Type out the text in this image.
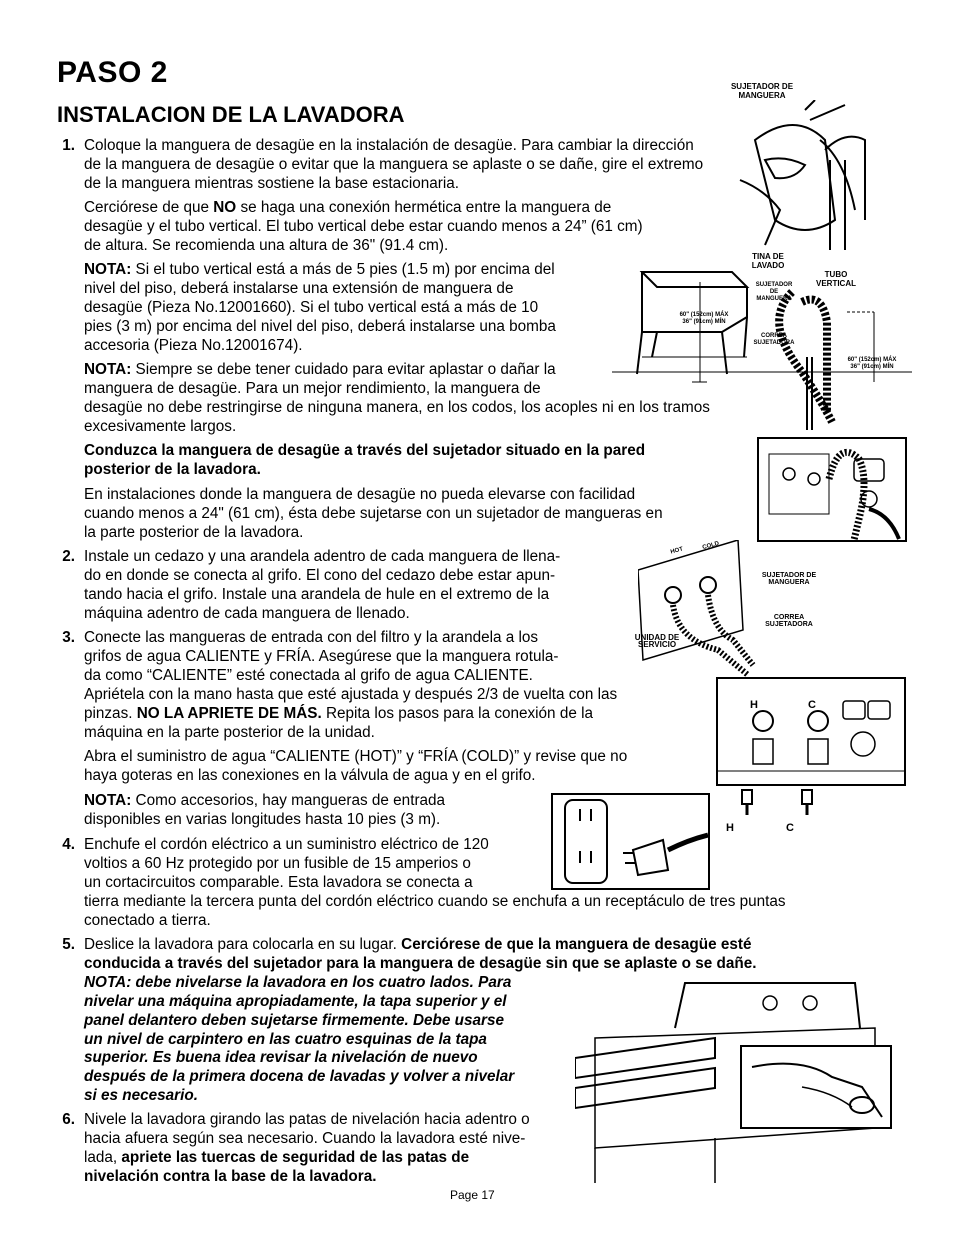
PASO 2
INSTALACION DE LA LAVADORA
1. Coloque la manguera de desagüe en la instalación de desagüe. Para cambiar la dirección
de la manguera de desagüe o evitar que la manguera se aplaste o se dañe, gire el extremo
de la manguera mientras sostiene la base estacionaria.
Cerciórese de que NO se haga una conexión hermética entre la manguera de
desagüe y el tubo vertical. El tubo vertical debe estar cuando menos a 24” (61 cm)
de altura. Se recomienda una altura de 36" (91.4 cm).
NOTA: Si el tubo vertical está a más de 5 pies (1.5 m) por encima del
nivel del piso, deberá instalarse una extensión de manguera de
desagüe (Pieza No.12001660). Si el tubo vertical está a más de 10
pies (3 m) por encima del nivel del piso, deberá instalarse una bomba
accesoria (Pieza No.12001674).
NOTA: Siempre se debe tener cuidado para evitar aplastar o dañar la
manguera de desagüe. Para un mejor rendimiento, la manguera de
desagüe no debe restringirse de ninguna manera, en los codos, los acoples ni en los tramos
excesivamente largos.
Conduzca la manguera de desagüe a través del sujetador situado en la pared
posterior de la lavadora.
En instalaciones donde la manguera de desagüe no pueda elevarse con facilidad
cuando menos a 24" (61 cm), ésta debe sujetarse con un sujetador de mangueras en
la parte posterior de la lavadora.
2. Instale un cedazo y una arandela adentro de cada manguera de llena-
do en donde se conecta al grifo. El cono del cedazo debe estar apun-
tando hacia el grifo. Instale una arandela de hule en el extremo de la
máquina adentro de cada manguera de llenado.
3. Conecte las mangueras de entrada con del filtro y la arandela a los
grifos de agua CALIENTE y FRÍA. Asegúrese que la manguera rotula-
da como “CALIENTE” esté conectada al grifo de agua CALIENTE.
Apriétela con la mano hasta que esté ajustada y después 2/3 de vuelta con las
pinzas. NO LA APRIETE DE MÁS. Repita los pasos para la conexión de la
máquina en la parte posterior de la unidad.
Abra el suministro de agua “CALIENTE (HOT)” y “FRÍA (COLD)” y revise que no
haya goteras en las conexiones en la válvula de agua y en el grifo.
NOTA: Como accesorios, hay mangueras de entrada
disponibles en varias longitudes hasta 10 pies (3 m).
4. Enchufe el cordón eléctrico a un suministro eléctrico de 120
voltios a 60 Hz protegido por un fusible de 15 amperios o
un cortacircuitos comparable. Esta lavadora se conecta a
tierra mediante la tercera punta del cordón eléctrico cuando se enchufa a un receptáculo de tres puntas
conectado a tierra.
5. Deslice la lavadora para colocarla en su lugar. Cerciórese de que la manguera de desagüe esté
conducida a través del sujetador para la manguera de desagüe sin que se aplaste o se dañe.
NOTA: debe nivelarse la lavadora en los cuatro lados. Para
nivelar una máquina apropiadamente, la tapa superior y el
panel delantero deben sujetarse firmemente. Debe usarse
un nivel de carpintero en las cuatro esquinas de la tapa
superior. Es buena idea revisar la nivelación de nuevo
después de la primera docena de lavadas y volver a nivelar
si es necesario.
6. Nivele la lavadora girando las patas de nivelación hacia adentro o
hacia afuera según sea necesario. Cuando la lavadora esté nive-
lada, apriete las tuercas de seguridad de las patas de
nivelación contra la base de la lavadora.
SUJETADOR DE
MANGUERA
TINA DE
LAVADO
TUBO
VERTICAL
SUJETADOR
DE
MANGUERA
CORREA
SUJETADORA
60" (152cm) MÁX
36" (91cm) MÍN
60" (152cm) MÁX
36" (91cm) MÍN
HOT	COLD
SUJETADOR DE
MANGUERA
CORREA
SUJETADORA
UNIDAD DE
SERVICIO
H	C
H	C
Page 17
